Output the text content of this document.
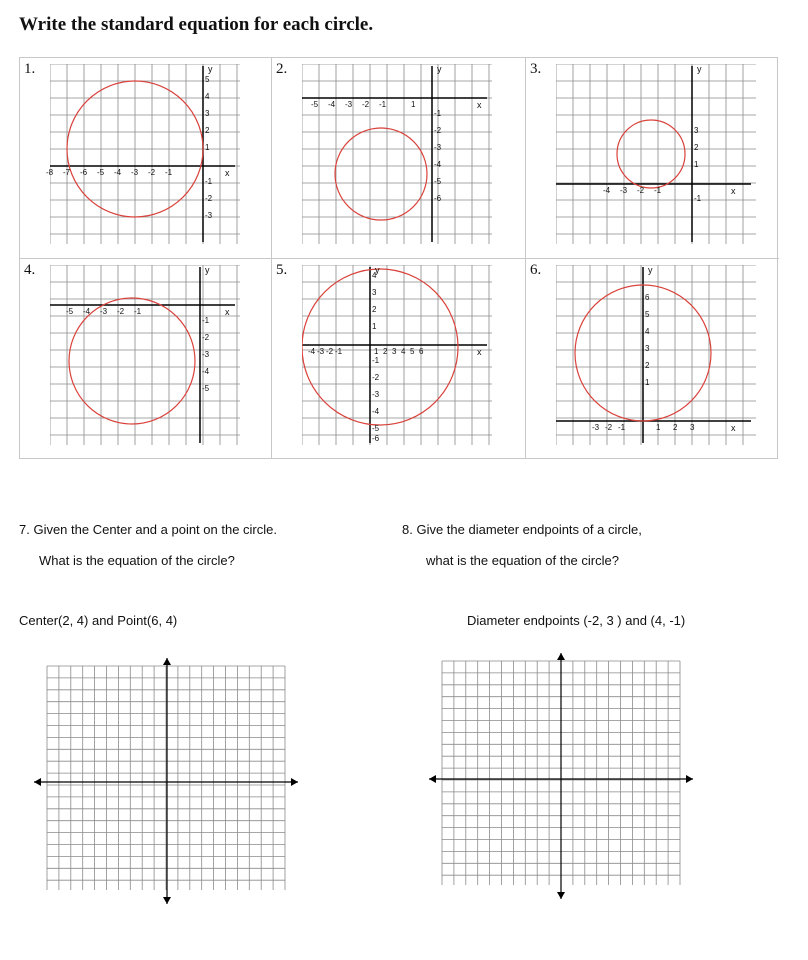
Write the standard equation for each circle.
1.	2.	3.
4.	5.	6.
-8 -7 -6 -5 -4 -3 -2 -1
5
4
3
2
1
-1
-2
-3
x
y
-5 -4 -3 -2 -1	1
-1
-2
-3
-4
-5
-6
x
y
-4 -3 -2 -1
3
2
1
-1
x
y
-5 -4 -3 -2 -1
-1
-2
-3
-4
-5
x
y
-4 -3 -2 -1	1 2 3 4 5 6
4
3
2
1
-1
-2
-3
-4
-5
-6
x
y
-3 -2 -1	1 2 3
6
5
4
3
2
1
x
y
7. Given the Center and a point on the circle.
What is the equation of the circle?
Center(2, 4) and Point(6, 4)
8. Give the diameter endpoints of a circle,
what is the equation of the circle?
Diameter endpoints (-2, 3 ) and (4, -1)
